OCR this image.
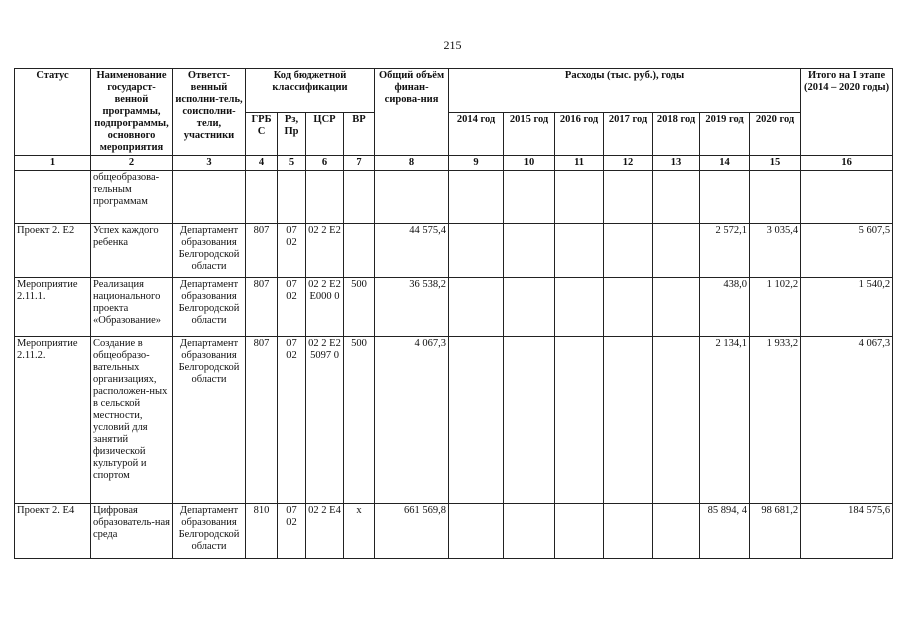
215
Статус	Наименование государст-венной программы, подпрограммы, основного мероприятия	Ответст-венный исполни-тель, соисполни-тели, участники	Код бюджетной классификации				Общий объём финан-сирова-ния	Расходы (тыс. руб.), годы							Итого на I этапе (2014 – 2020 годы)
			ГРБ С	Рз, Пр	ЦСР	ВР		2014 год	2015 год	2016 год	2017 год	2018 год	2019 год	2020 год	
1	2	3	4	5	6	7	8	9	10	11	12	13	14	15	16
	общеобразова-тельным программам														
Проект 2. Е2	Успех каждого ребенка	Департамент образования Белгородской области	807	07 02	02 2 Е2		44 575,4						2 572,1	3 035,4	5 607,5
Мероприятие 2.11.1.	Реализация национального проекта «Образование»	Департамент образования Белгородской области	807	07 02	02 2 Е2 Е000 0	500	36 538,2						438,0	1 102,2	1 540,2
Мероприятие 2.11.2.	Создание в общеобразо-вательных организациях, расположен-ных в сельской местности, условий для занятий физической культурой и спортом	Департамент образования Белгородской области	807	07 02	02 2 Е2 5097 0	500	4 067,3						2 134,1	1 933,2	4 067,3
Проект 2. Е4	Цифровая образователь-ная среда	Департамент образования Белгородской области	810	07 02	02 2 Е4	х	661 569,8						85 894, 4	98 681,2	184 575,6
